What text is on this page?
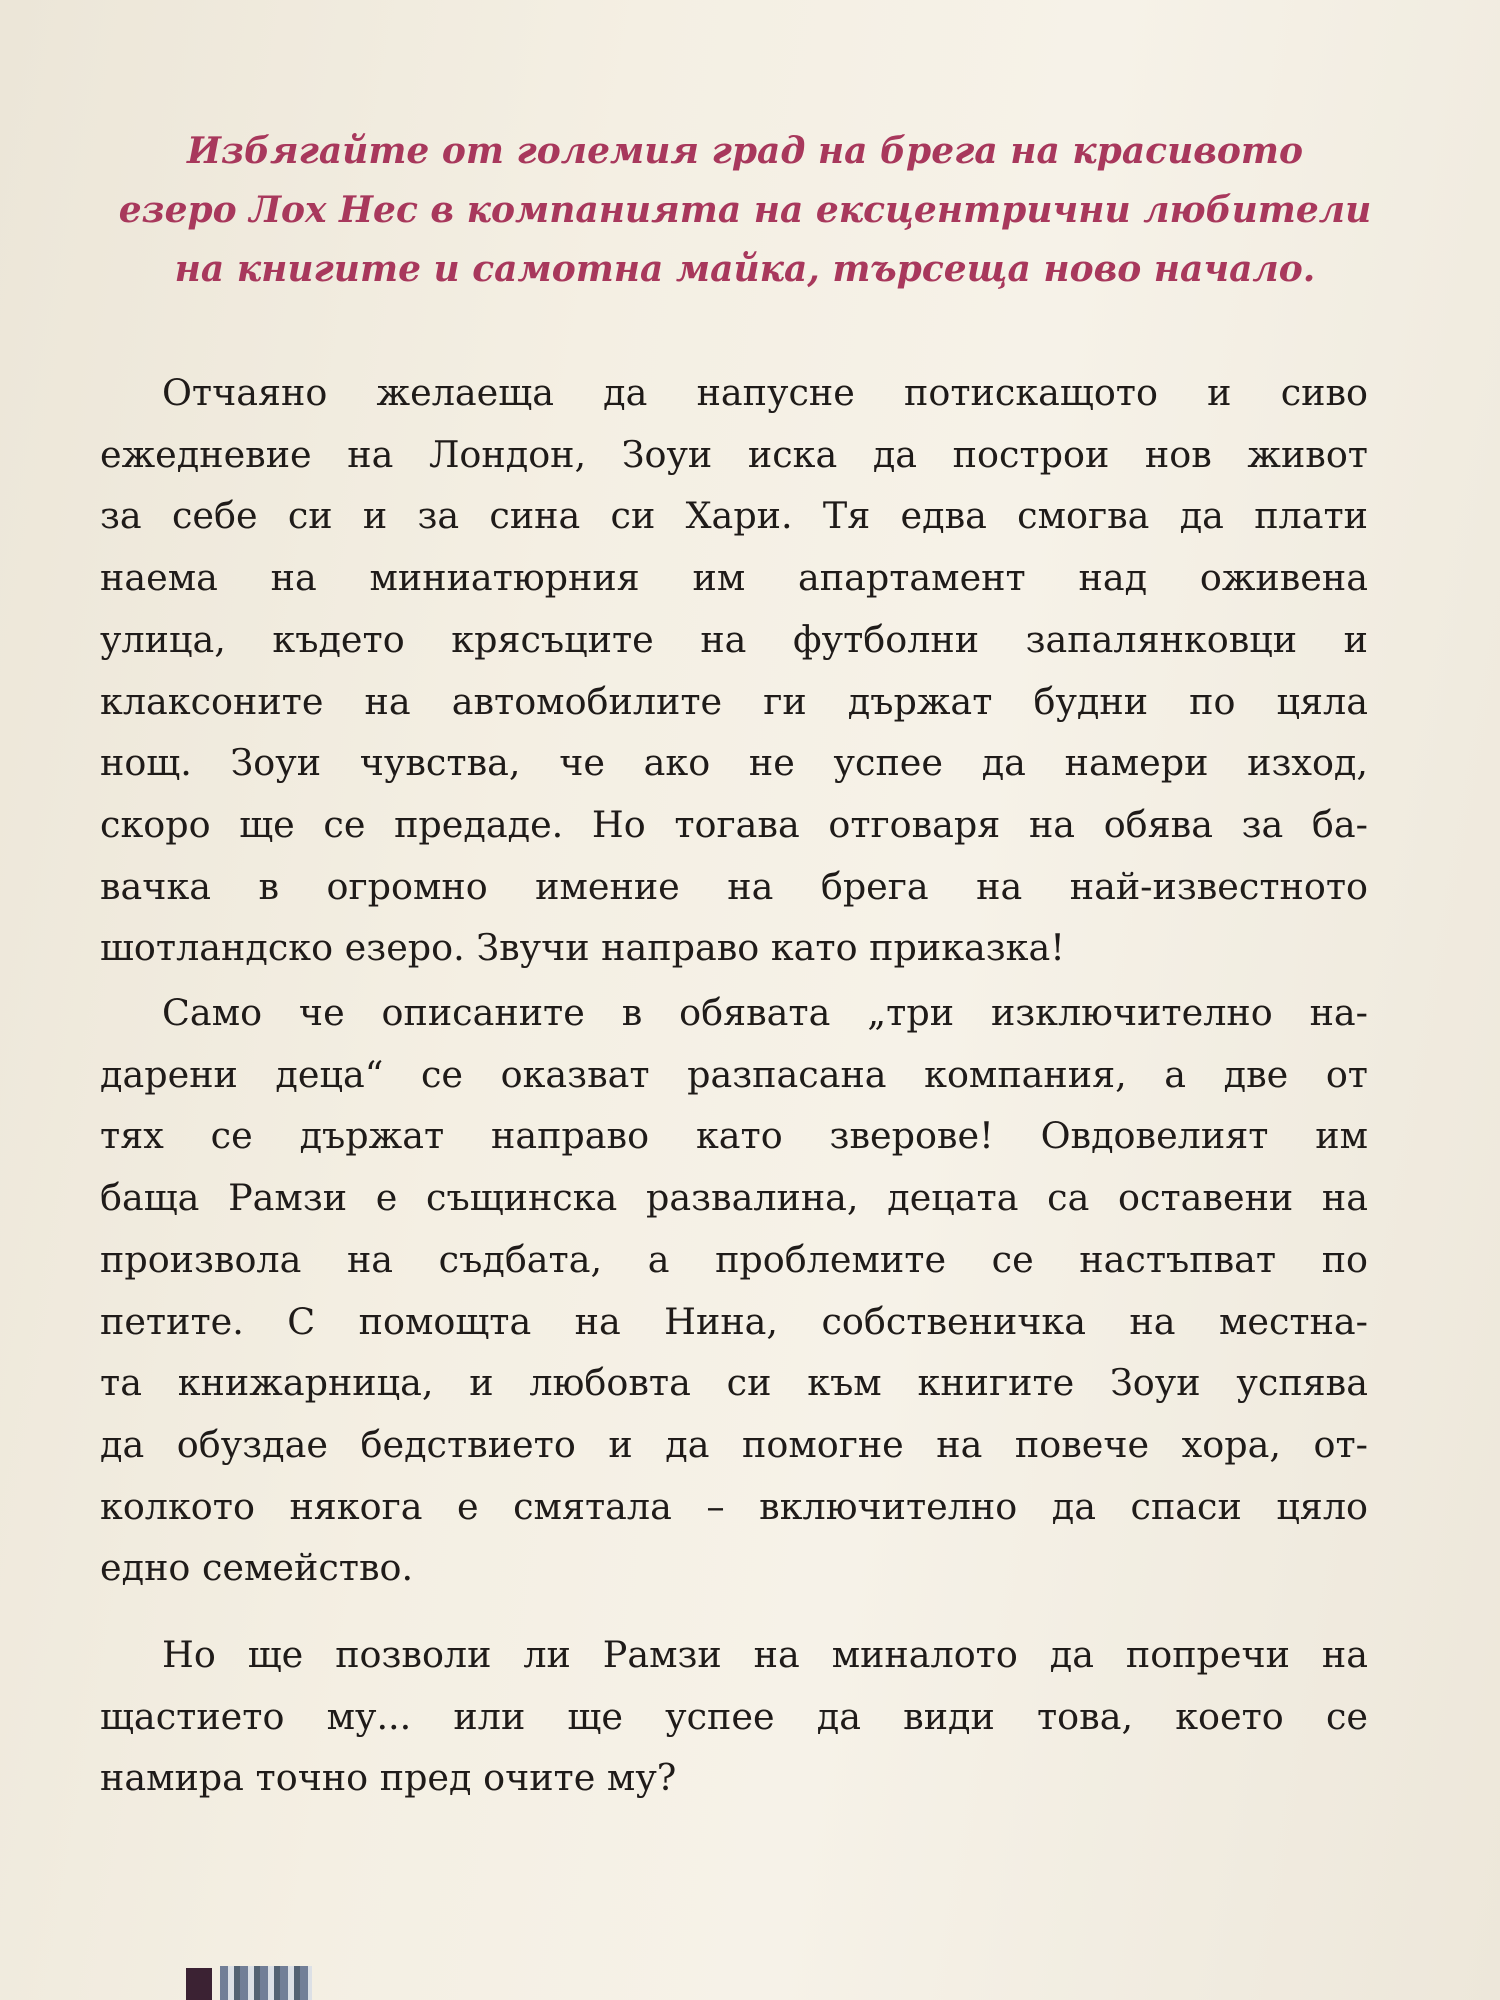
Избягайте от големия град на брега на красивото
езеро Лох Нес в компанията на ексцентрични любители
на книгите и самотна майка, търсеща ново начало.

Отчаяно желаеща да напусне потискащото и сиво
ежедневие на Лондон, Зоуи иска да построи нов живот
за себе си и за сина си Хари. Тя едва смогва да плати
наема на миниатюрния им апартамент над оживена
улица, където крясъците на футболни запалянковци и
клаксоните на автомобилите ги държат будни по цяла
нощ. Зоуи чувства, че ако не успее да намери изход,
скоро ще се предаде. Но тогава отговаря на обява за ба-
вачка в огромно имение на брега на най-известното
шотландско езеро. Звучи направо като приказка!

Само че описаните в обявата „три изключително на-
дарени деца“ се оказват разпасана компания, а две от
тях се държат направо като зверове! Овдовелият им
баща Рамзи е същинска развалина, децата са оставени на
произвола на съдбата, а проблемите се настъпват по
петите. С помощта на Нина, собственичка на местна-
та книжарница, и любовта си към книгите Зоуи успява
да обуздае бедствието и да помогне на повече хора, от-
колкото някога е смятала – включително да спаси цяло
едно семейство.

Но ще позволи ли Рамзи на миналото да попречи на
щастието му... или ще успее да види това, което се
намира точно пред очите му?
